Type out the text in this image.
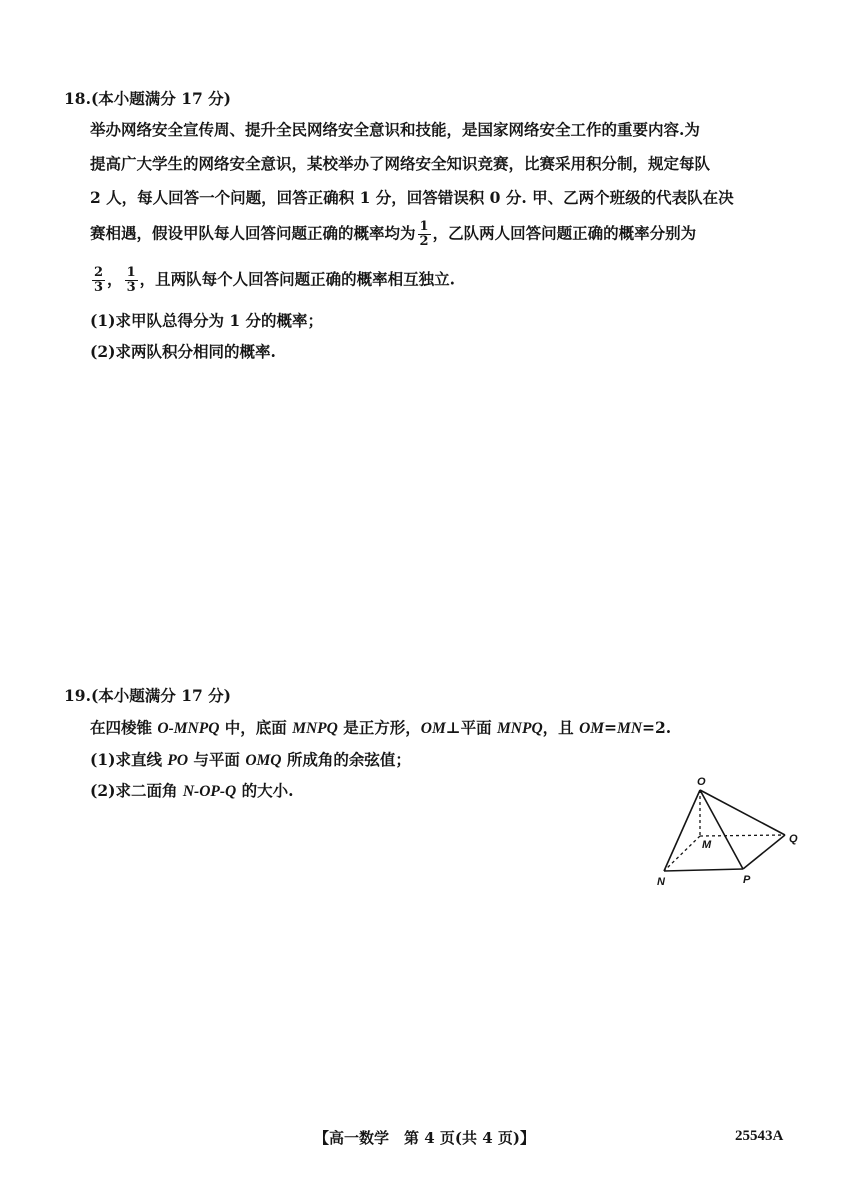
18.(本小题满分 17 分)
举办网络安全宣传周、提升全民网络安全意识和技能，是国家网络安全工作的重要内容.为
提高广大学生的网络安全意识，某校举办了网络安全知识竞赛，比赛采用积分制，规定每队
2 人，每人回答一个问题，回答正确积 1 分，回答错误积 0 分. 甲、乙两个班级的代表队在决
赛相遇，假设甲队每人回答问题正确的概率均为 $\frac{1}{2}$ ，乙队两人回答问题正确的概率分别为
$\frac{2}{3}$ ， $\frac{1}{3}$ ，且两队每个人回答问题正确的概率相互独立.
(1)求甲队总得分为 1 分的概率；
(2)求两队积分相同的概率.
19.(本小题满分 17 分)
在四棱锥 O-MNPQ 中，底面 MNPQ 是正方形，OM⊥平面 MNPQ，且 OM=MN=2.
(1)求直线 PO 与平面 OMQ 所成角的余弦值；
(2)求二面角 N-OP-Q 的大小.	O
M	Q
N	P
【高一数学　第 4 页(共 4 页)】	25543A
